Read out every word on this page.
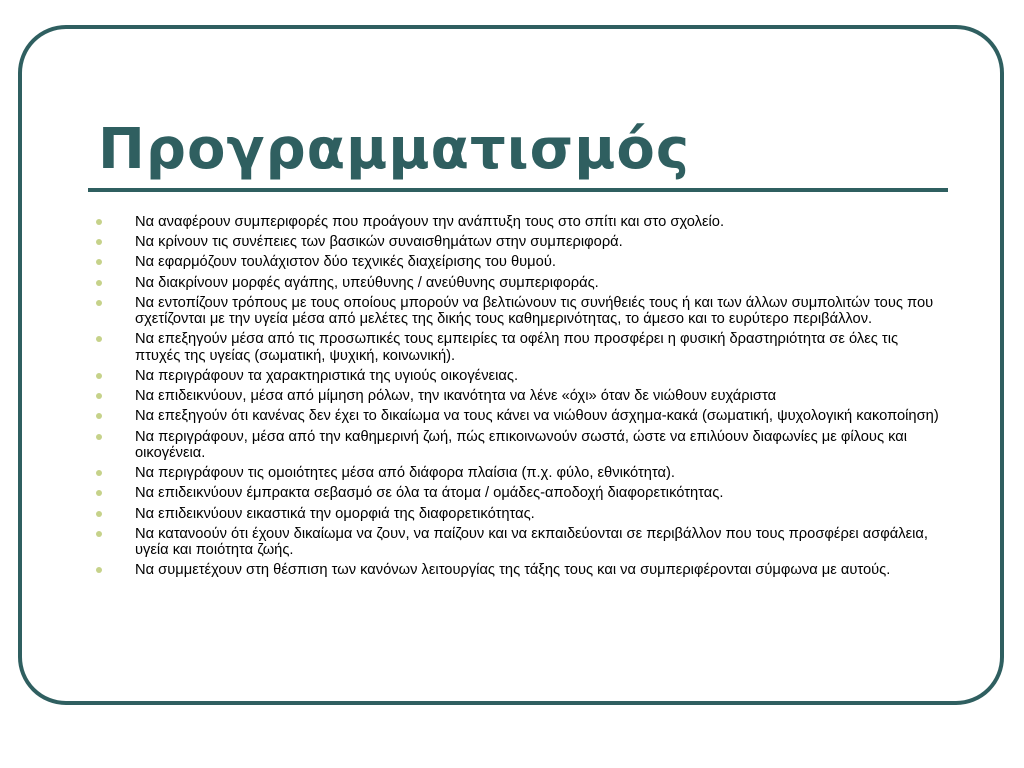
Προγραμματισμός
Να αναφέρουν συμπεριφορές που προάγουν την ανάπτυξη τους στο σπίτι και στο σχολείο.
Να κρίνουν τις συνέπειες των βασικών συναισθημάτων στην συμπεριφορά.
Να εφαρμόζουν τουλάχιστον δύο τεχνικές διαχείρισης του θυμού.
Να διακρίνουν μορφές αγάπης, υπεύθυνης / ανεύθυνης συμπεριφοράς.
Να εντοπίζουν τρόπους με τους οποίους μπορούν να βελτιώνουν τις συνήθειές τους ή και των άλλων συμπολιτών τους που σχετίζονται με την υγεία μέσα από μελέτες της δικής τους καθημερινότητας, το άμεσο και το ευρύτερο περιβάλλον.
Να επεξηγούν μέσα από τις προσωπικές τους εμπειρίες τα οφέλη που προσφέρει η φυσική δραστηριότητα σε όλες τις πτυχές της υγείας (σωματική, ψυχική, κοινωνική).
Να περιγράφουν τα χαρακτηριστικά της υγιούς οικογένειας.
Να επιδεικνύουν, μέσα από μίμηση ρόλων, την ικανότητα να λένε «όχι» όταν δε νιώθουν ευχάριστα
Να επεξηγούν ότι κανένας δεν έχει το δικαίωμα να τους κάνει να νιώθουν άσχημα-κακά (σωματική, ψυχολογική κακοποίηση)
Να περιγράφουν, μέσα από την καθημερινή ζωή, πώς επικοινωνούν σωστά, ώστε να επιλύουν διαφωνίες με φίλους και οικογένεια.
Να περιγράφουν τις ομοιότητες μέσα από διάφορα πλαίσια (π.χ. φύλο, εθνικότητα).
Να επιδεικνύουν έμπρακτα σεβασμό σε όλα τα άτομα / ομάδες-αποδοχή διαφορετικότητας.
Να επιδεικνύουν εικαστικά την ομορφιά της διαφορετικότητας.
Να κατανοούν ότι έχουν δικαίωμα να ζουν, να παίζουν και να εκπαιδεύονται σε περιβάλλον που τους προσφέρει ασφάλεια, υγεία και ποιότητα ζωής.
Να συμμετέχουν στη θέσπιση των κανόνων λειτουργίας της τάξης τους και να συμπεριφέρονται σύμφωνα με αυτούς.
